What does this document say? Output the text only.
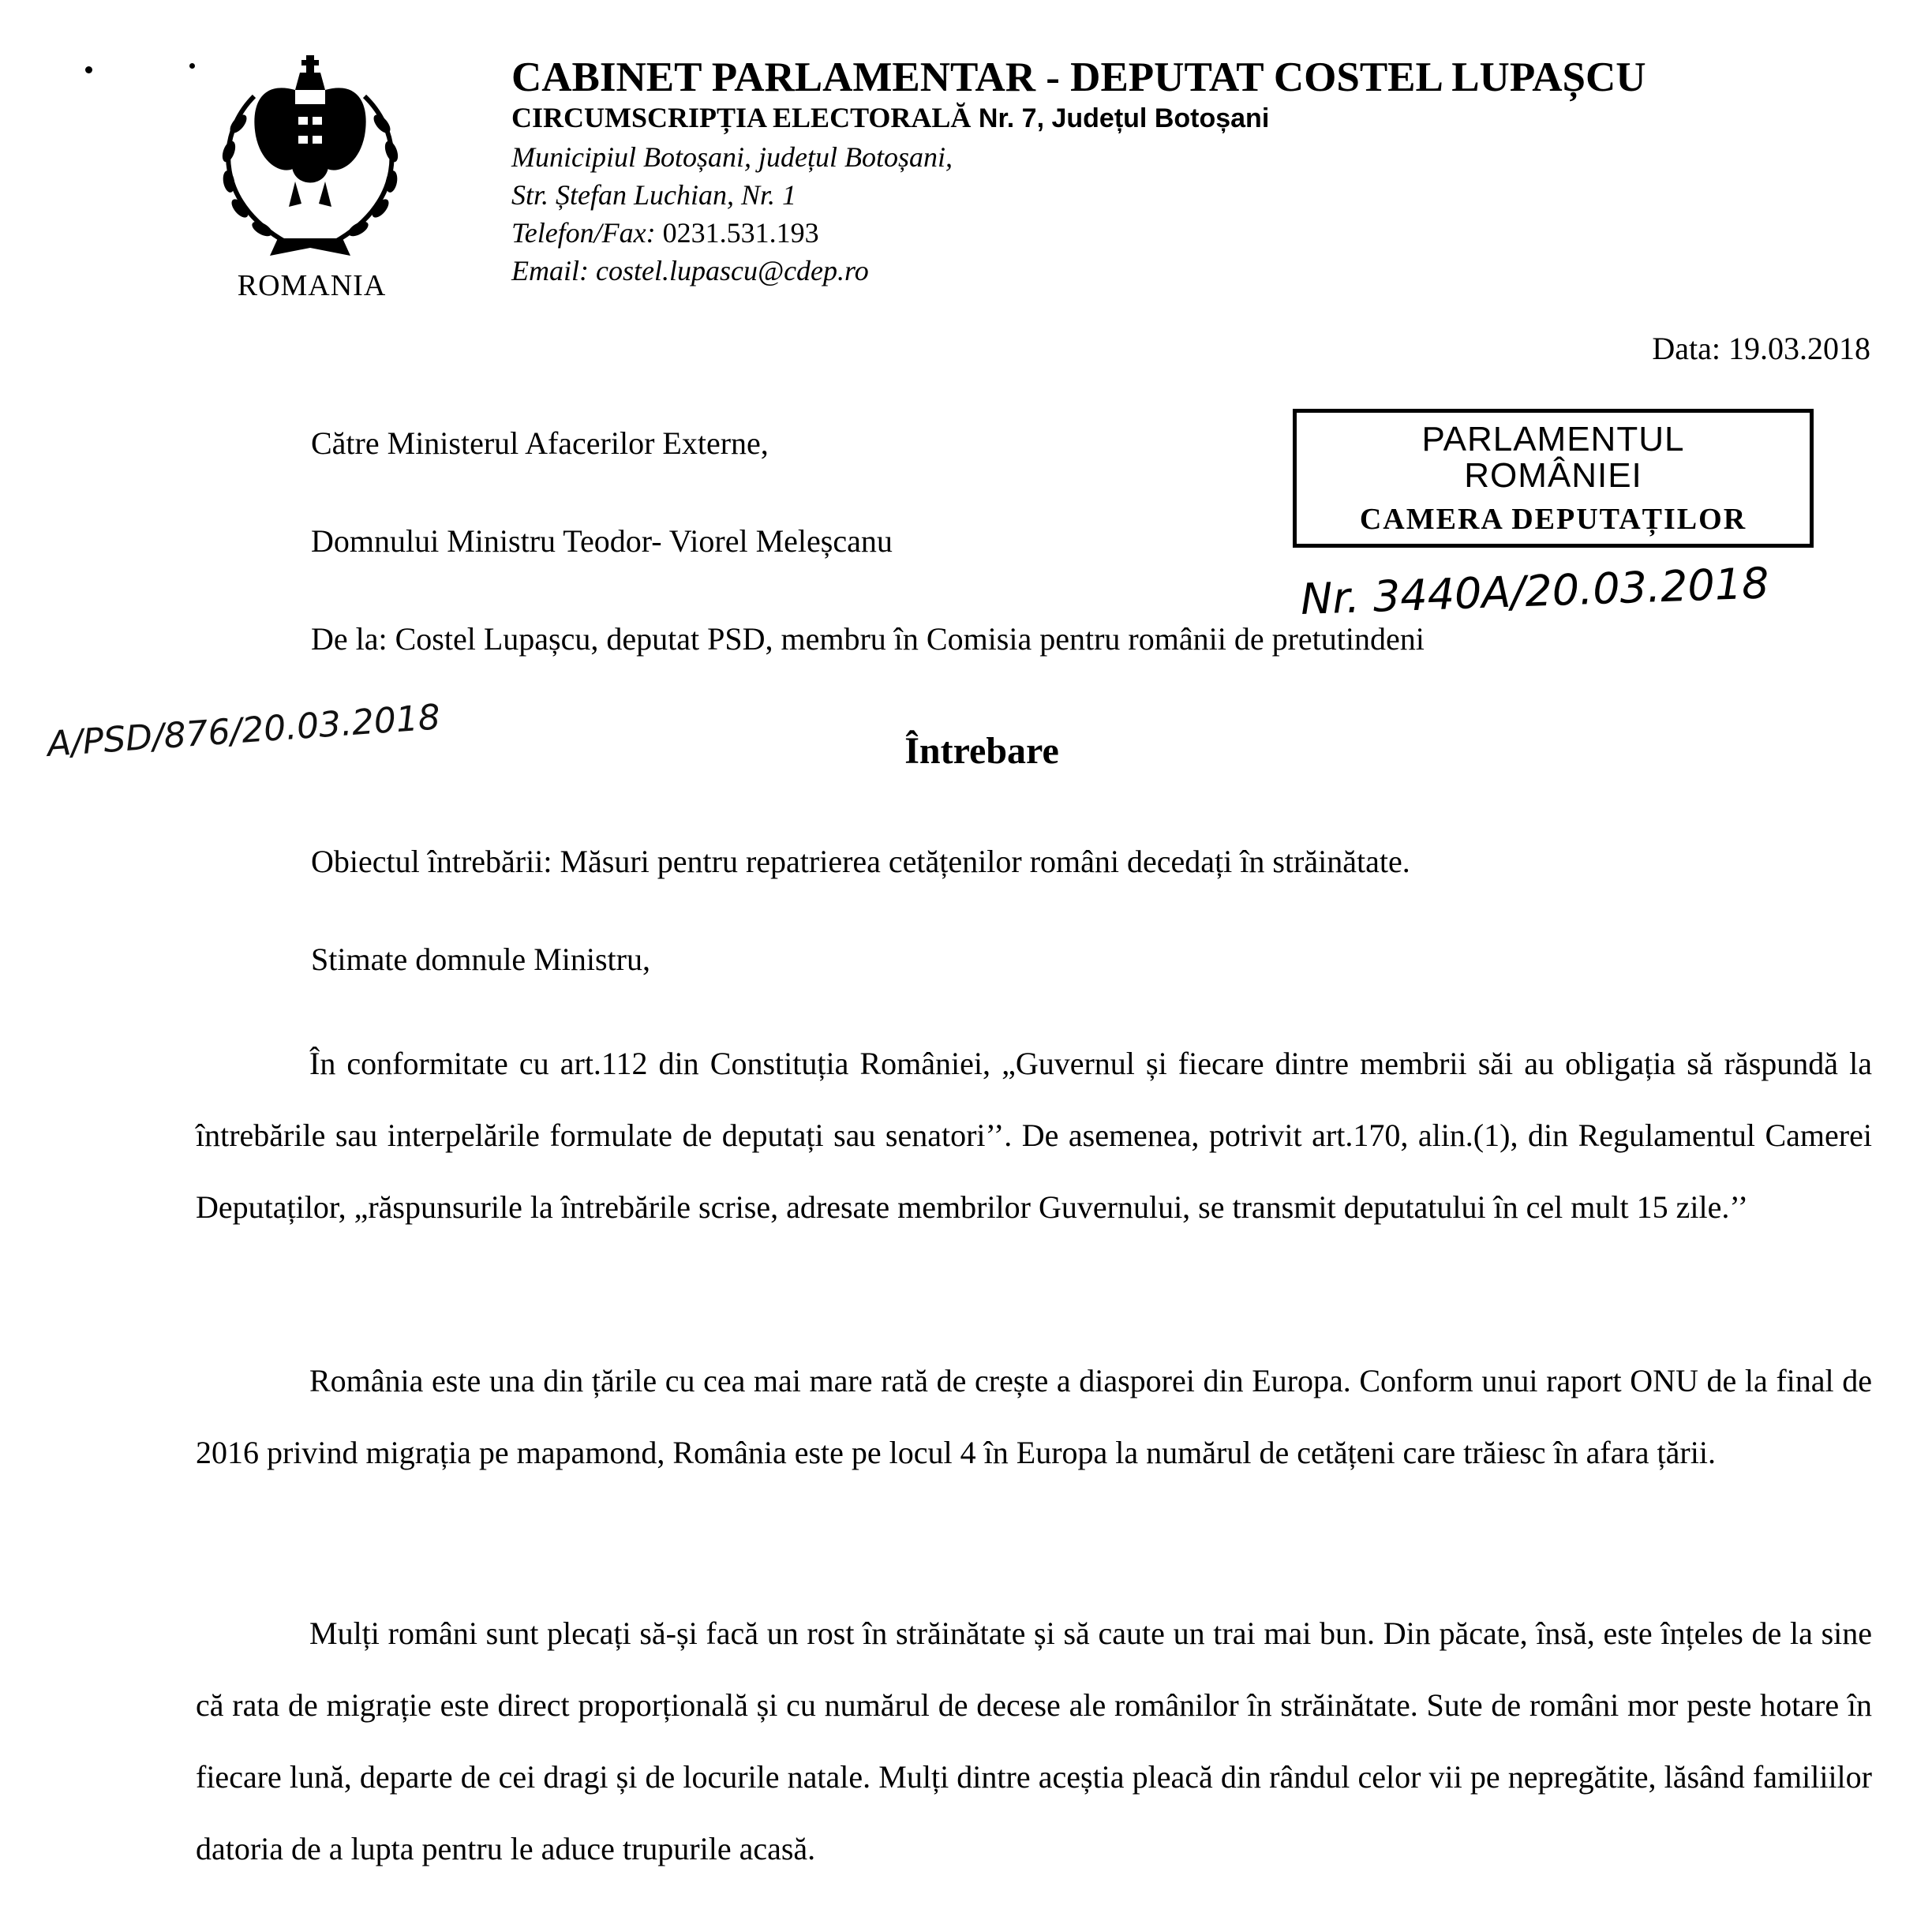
ROMANIA
CABINET PARLAMENTAR - DEPUTAT COSTEL LUPAȘCU
CIRCUMSCRIPȚIA ELECTORALĂ Nr. 7, Județul Botoșani
Municipiul Botoșani, județul Botoșani,
Str. Ștefan Luchian, Nr. 1
Telefon/Fax: 0231.531.193
Email: costel.lupascu@cdep.ro
Data: 19.03.2018
Către Ministerul Afacerilor Externe,
Domnului Ministru Teodor- Viorel Meleșcanu
De la: Costel Lupașcu, deputat PSD, membru în Comisia pentru românii de pretutindeni
PARLAMENTUL
ROMÂNIEI
CAMERA DEPUTAȚILOR
Nr. 3440A/20.03.2018
A/PSD/876/20.03.2018	Întrebare
Obiectul întrebării: Măsuri pentru repatrierea cetățenilor români decedați în străinătate.
Stimate domnule Ministru,
În conformitate cu art.112 din Constituția României, „Guvernul și fiecare dintre membrii săi au obligația să răspundă la întrebările sau interpelările formulate de deputați sau senatori’’. De asemenea, potrivit art.170, alin.(1), din Regulamentul Camerei Deputaților, „răspunsurile la întrebările scrise, adresate membrilor Guvernului, se transmit deputatului în cel mult 15 zile.’’
România este una din țările cu cea mai mare rată de crește a diasporei din Europa. Conform unui raport ONU de la final de 2016 privind migrația pe mapamond, România este pe locul 4 în Europa la numărul de cetățeni care trăiesc în afara țării.
Mulți români sunt plecați să-și facă un rost în străinătate și să caute un trai mai bun. Din păcate, însă, este înțeles de la sine că rata de migrație este direct proporțională și cu numărul de decese ale românilor în străinătate. Sute de români mor peste hotare în fiecare lună, departe de cei dragi și de locurile natale. Mulți dintre aceștia pleacă din rândul celor vii pe nepregătite, lăsând familiilor datoria de a lupta pentru le aduce trupurile acasă.
